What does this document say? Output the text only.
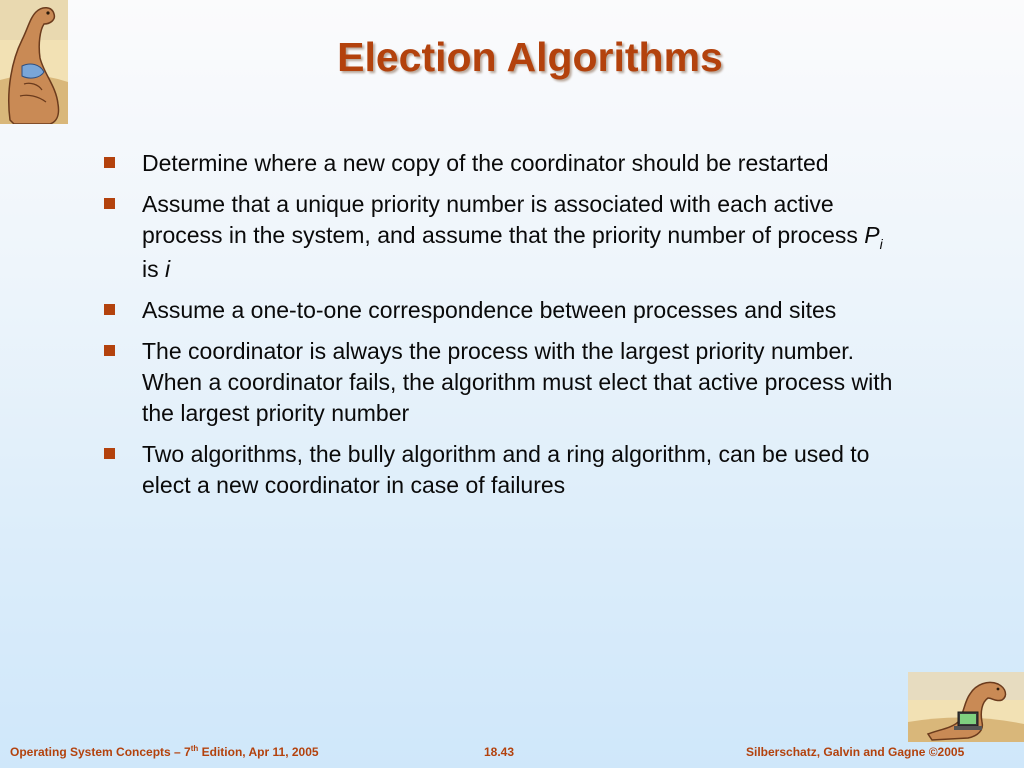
Election Algorithms
Determine where a new copy of the coordinator should be restarted
Assume that a unique priority number is associated with each active process in the system, and assume that the priority number of process $P_i$  is i
Assume a one-to-one correspondence between processes and sites
The coordinator is always the process with the largest priority number. When a coordinator fails, the algorithm must elect that active process with the largest priority number
Two algorithms, the bully algorithm and a ring algorithm, can be used to elect a new coordinator in case of failures
Operating System Concepts – 7th Edition, Apr 11, 2005	18.43	Silberschatz, Galvin and Gagne ©2005
